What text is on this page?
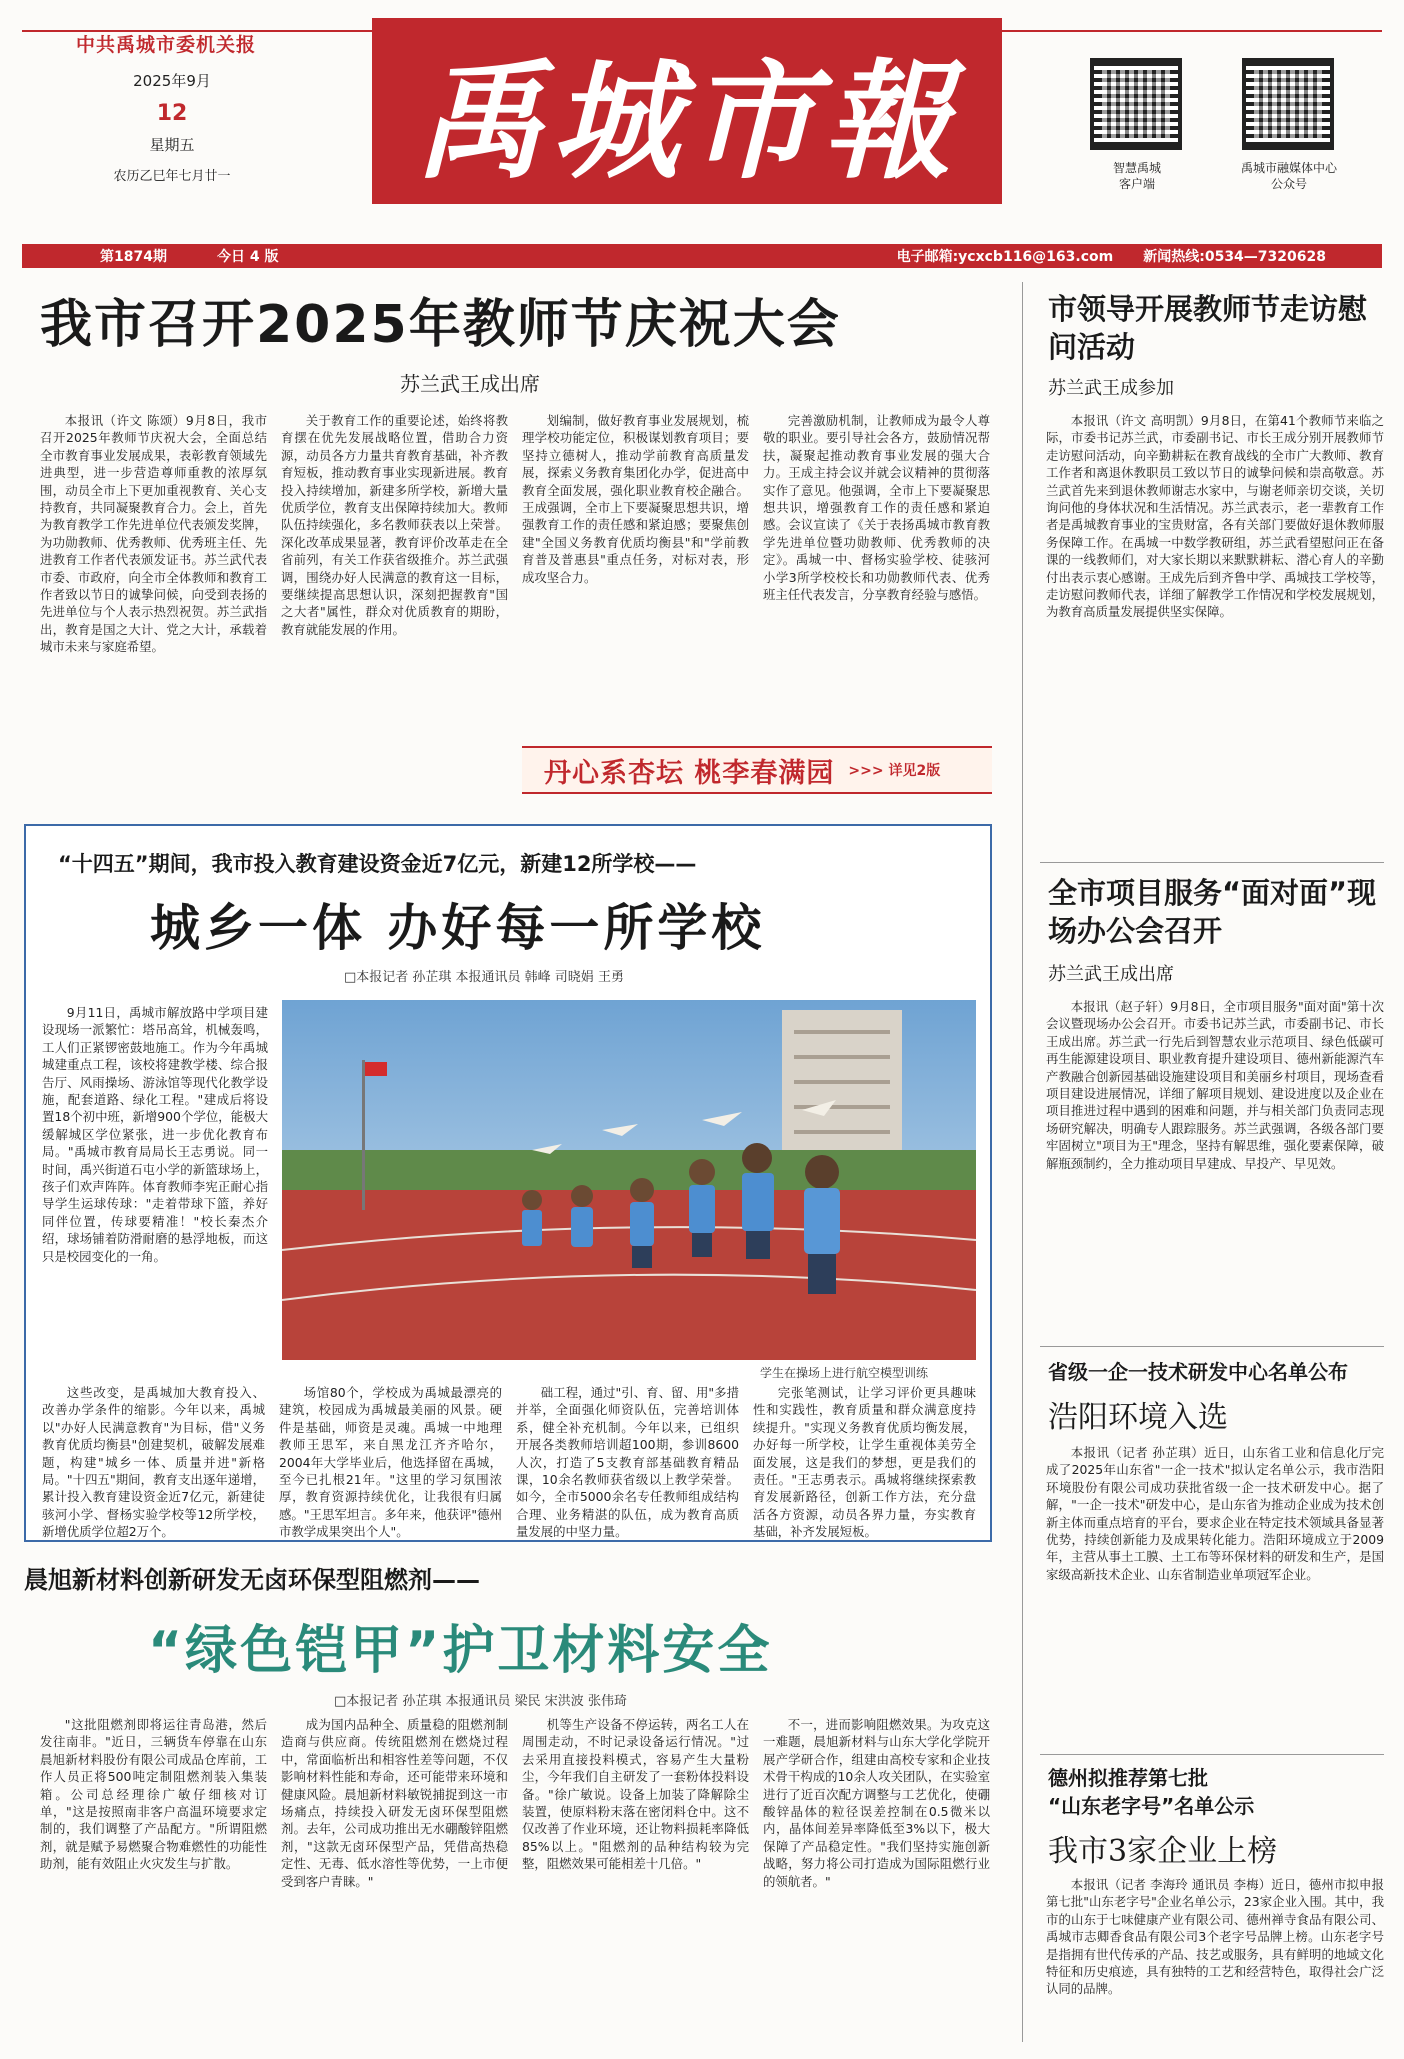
中共禹城市委机关报
2025年9月
12
星期五
农历乙巳年七月廿一	禹城市報	智慧禹城
客户端
禹城市融媒体中心
公众号
第1874期	今日 4 版	电子邮箱:ycxcb116@163.com 新闻热线:0534—7320628
我市召开2025年教师节庆祝大会
苏兰武王成出席

本报讯（许文 陈颂）9月8日，我市召开2025年教师节庆祝大会，全面总结全市教育事业发展成果，表彰教育领域先进典型，进一步营造尊师重教的浓厚氛围，动员全市上下更加重视教育、关心支持教育，共同凝聚教育合力。会上，首先为教育教学工作先进单位代表颁发奖牌，为功勋教师、优秀教师、优秀班主任、先进教育工作者代表颁发证书。苏兰武代表市委、市政府，向全市全体教师和教育工作者致以节日的诚挚问候，向受到表扬的先进单位与个人表示热烈祝贺。苏兰武指出，教育是国之大计、党之大计，承载着城市未来与家庭希望。

关于教育工作的重要论述，始终将教育摆在优先发展战略位置，借助合力资源，动员各方力量共育教育基础，补齐教育短板，推动教育事业实现新进展。教育投入持续增加，新建多所学校，新增大量优质学位，教育支出保障持续加大。教师队伍持续强化，多名教师获表以上荣誉。深化改革成果显著，教育评价改革走在全省前列，有关工作获省级推介。苏兰武强调，围绕办好人民满意的教育这一目标，要继续提高思想认识，深刻把握教育"国之大者"属性，群众对优质教育的期盼，教育就能发展的作用。

划编制，做好教育事业发展规划，梳理学校功能定位，积极谋划教育项目；要坚持立德树人，推动学前教育高质量发展，探索义务教育集团化办学，促进高中教育全面发展，强化职业教育校企融合。王成强调，全市上下要凝聚思想共识，增强教育工作的责任感和紧迫感；要聚焦创建"全国义务教育优质均衡县"和"学前教育普及普惠县"重点任务，对标对表，形成攻坚合力。

完善激励机制，让教师成为最令人尊敬的职业。要引导社会各方，鼓励情况帮扶，凝聚起推动教育事业发展的强大合力。王成主持会议并就会议精神的贯彻落实作了意见。他强调，全市上下要凝聚思想共识，增强教育工作的责任感和紧迫感。会议宣读了《关于表扬禹城市教育教学先进单位暨功勋教师、优秀教师的决定》。禹城一中、督杨实验学校、徒骇河小学3所学校校长和功勋教师代表、优秀班主任代表发言，分享教育经验与感悟。

丹心系杏坛 桃李春满园 >>> 详见2版
“十四五”期间，我市投入教育建设资金近7亿元，新建12所学校——
城乡一体 办好每一所学校
□本报记者 孙芷琪 本报通讯员 韩峰 司晓娟 王勇

9月11日，禹城市解放路中学项目建设现场一派繁忙：塔吊高耸，机械轰鸣，工人们正紧锣密鼓地施工。作为今年禹城城建重点工程，该校将建教学楼、综合报告厅、风雨操场、游泳馆等现代化教学设施，配套道路、绿化工程。"建成后将设置18个初中班，新增900个学位，能极大缓解城区学位紧张，进一步优化教育布局。"禹城市教育局局长王志勇说。同一时间，禹兴街道石屯小学的新篮球场上，孩子们欢声阵阵。体育教师李宪正耐心指导学生运球传球："走着带球下篮，养好同伴位置，传球要精准！"校长秦杰介绍，球场铺着防滑耐磨的悬浮地板，而这只是校园变化的一角。

学生在操场上进行航空模型训练

这些改变，是禹城加大教育投入、改善办学条件的缩影。今年以来，禹城以"办好人民满意教育"为目标，借"义务教育优质均衡县"创建契机，破解发展难题，构建"城乡一体、质量并进"新格局。"十四五"期间，教育支出逐年递增，累计投入教育建设资金近7亿元，新建徒骇河小学、督杨实验学校等12所学校，新增优质学位超2万个。

场馆80个，学校成为禹城最漂亮的建筑，校园成为禹城最美丽的风景。硬件是基础，师资是灵魂。禹城一中地理教师王思军，来自黑龙江齐齐哈尔，2004年大学毕业后，他选择留在禹城，至今已扎根21年。"这里的学习氛围浓厚，教育资源持续优化，让我很有归属感。"王思军坦言。多年来，他获评"德州市教学成果突出个人"。

础工程，通过"引、育、留、用"多措并举，全面强化师资队伍，完善培训体系，健全补充机制。今年以来，已组织开展各类教师培训超100期，参训8600人次，打造了5支教育部基础教育精品课，10余名教师获省级以上教学荣誉。如今，全市5000余名专任教师组成结构合理、业务精湛的队伍，成为教育高质量发展的中坚力量。

完张笔测试，让学习评价更具趣味性和实践性，教育质量和群众满意度持续提升。"实现义务教育优质均衡发展，办好每一所学校，让学生重视体美劳全面发展，这是我们的梦想，更是我们的责任。"王志勇表示。禹城将继续探索教育发展新路径，创新工作方法，充分盘活各方资源，动员各界力量，夯实教育基础，补齐发展短板。

晨旭新材料创新研发无卤环保型阻燃剂——
“绿色铠甲”护卫材料安全
□本报记者 孙芷琪 本报通讯员 梁民 宋洪波 张伟琦

"这批阻燃剂即将运往青岛港，然后发往南非。"近日，三辆货车停靠在山东晨旭新材料股份有限公司成品仓库前，工作人员正将500吨定制阻燃剂装入集装箱。公司总经理徐广敏仔细核对订单，"这是按照南非客户高温环境要求定制的，我们调整了产品配方。"所谓阻燃剂，就是赋予易燃聚合物难燃性的功能性助剂，能有效阻止火灾发生与扩散。

成为国内品种全、质量稳的阻燃剂制造商与供应商。传统阻燃剂在燃烧过程中，常面临析出和相容性差等问题，不仅影响材料性能和寿命，还可能带来环境和健康风险。晨旭新材料敏锐捕捉到这一市场痛点，持续投入研发无卤环保型阻燃剂。去年，公司成功推出无水硼酸锌阻燃剂，"这款无卤环保型产品，凭借高热稳定性、无毒、低水溶性等优势，一上市便受到客户青睐。"

机等生产设备不停运转，两名工人在周围走动，不时记录设备运行情况。"过去采用直接投料模式，容易产生大量粉尘，今年我们自主研发了一套粉体投料设备。"徐广敏说。设备上加装了降解除尘装置，使原料粉末落在密闭料仓中。这不仅改善了作业环境，还让物料损耗率降低85%以上。"阻燃剂的品种结构较为完整，阻燃效果可能相差十几倍。"

不一，进而影响阻燃效果。为攻克这一难题，晨旭新材料与山东大学化学院开展产学研合作，组建由高校专家和企业技术骨干构成的10余人攻关团队，在实验室进行了近百次配方调整与工艺优化，使硼酸锌晶体的粒径误差控制在0.5微米以内，晶体间差异率降低至3%以下，极大保障了产品稳定性。"我们坚持实施创新战略，努力将公司打造成为国际阻燃行业的领航者。"

市领导开展教师节走访慰问活动
苏兰武王成参加

本报讯（许文 高明凯）9月8日，在第41个教师节来临之际，市委书记苏兰武，市委副书记、市长王成分别开展教师节走访慰问活动，向辛勤耕耘在教育战线的全市广大教师、教育工作者和离退休教职员工致以节日的诚挚问候和崇高敬意。苏兰武首先来到退休教师谢志水家中，与谢老师亲切交谈，关切询问他的身体状况和生活情况。苏兰武表示，老一辈教育工作者是禹城教育事业的宝贵财富，各有关部门要做好退休教师服务保障工作。在禹城一中数学教研组，苏兰武看望慰问正在备课的一线教师们，对大家长期以来默默耕耘、潜心育人的辛勤付出表示衷心感谢。王成先后到齐鲁中学、禹城技工学校等，走访慰问教师代表，详细了解教学工作情况和学校发展规划，为教育高质量发展提供坚实保障。

全市项目服务“面对面”现场办公会召开
苏兰武王成出席

本报讯（赵子轩）9月8日，全市项目服务"面对面"第十次会议暨现场办公会召开。市委书记苏兰武，市委副书记、市长王成出席。苏兰武一行先后到智慧农业示范项目、绿色低碳可再生能源建设项目、职业教育提升建设项目、德州新能源汽车产教融合创新园基础设施建设项目和美丽乡村项目，现场查看项目建设进展情况，详细了解项目规划、建设进度以及企业在项目推进过程中遇到的困难和问题，并与相关部门负责同志现场研究解决，明确专人跟踪服务。苏兰武强调，各级各部门要牢固树立"项目为王"理念，坚持有解思维，强化要素保障，破解瓶颈制约，全力推动项目早建成、早投产、早见效。

省级一企一技术研发中心名单公布
浩阳环境入选

本报讯（记者 孙芷琪）近日，山东省工业和信息化厅完成了2025年山东省"一企一技术"拟认定名单公示，我市浩阳环境股份有限公司成功获批省级一企一技术研发中心。据了解，"一企一技术"研发中心，是山东省为推动企业成为技术创新主体而重点培育的平台，要求企业在特定技术领域具备显著优势，持续创新能力及成果转化能力。浩阳环境成立于2009年，主营从事土工膜、土工布等环保材料的研发和生产，是国家级高新技术企业、山东省制造业单项冠军企业。

德州拟推荐第七批
“山东老字号”名单公示
我市3家企业上榜

本报讯（记者 李海玲 通讯员 李梅）近日，德州市拟申报第七批"山东老字号"企业名单公示，23家企业入围。其中，我市的山东于七味健康产业有限公司、德州禅寺食品有限公司、禹城市志卿香食品有限公司3个老字号品牌上榜。山东老字号是指拥有世代传承的产品、技艺或服务，具有鲜明的地域文化特征和历史痕迹，具有独特的工艺和经营特色，取得社会广泛认同的品牌。
